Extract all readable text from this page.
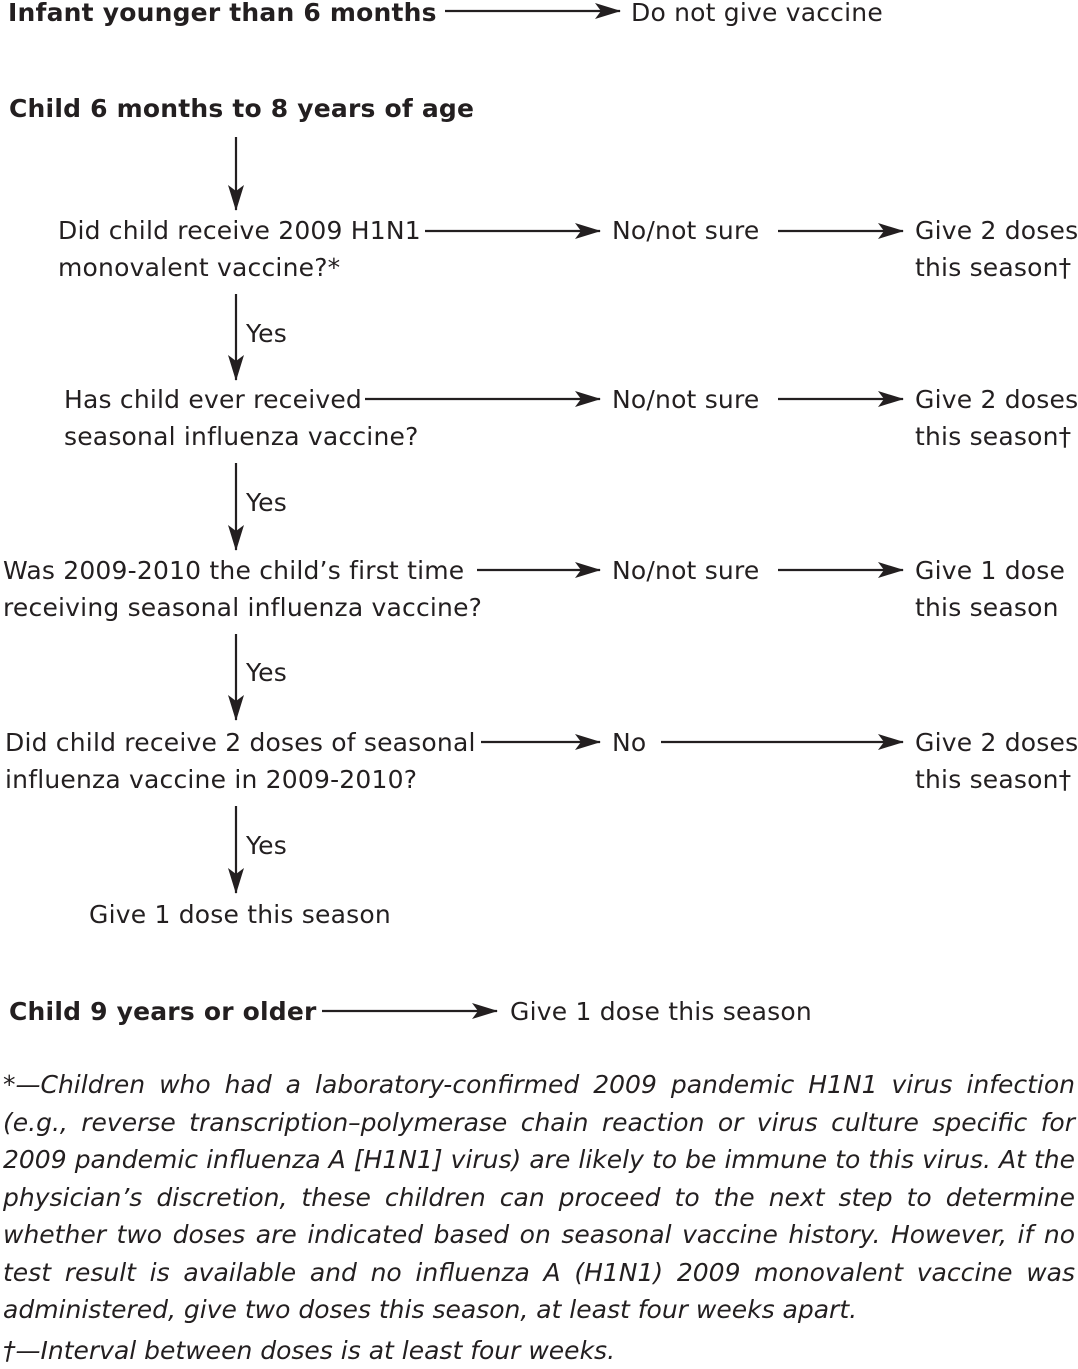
Infant younger than 6 months	Do not give vaccine
Child 6 months to 8 years of age
Did child receive 2009 H1N1
monovalent vaccine?*
No/not sure	Give 2 doses
this season†
Yes
Has child ever received
seasonal influenza vaccine?
No/not sure	Give 2 doses
this season†
Yes
Was 2009-2010 the child’s first time
receiving seasonal influenza vaccine?
No/not sure	Give 1 dose
this season
Yes
Did child receive 2 doses of seasonal
influenza vaccine in 2009-2010?
No	Give 2 doses
this season†
Yes
Give 1 dose this season
Child 9 years or older	Give 1 dose this season

*—Children who had a laboratory-confirmed 2009 pandemic H1N1 virus infection (e.g., reverse transcription–polymerase chain reaction or virus culture specific for 2009 pandemic influenza A [H1N1] virus) are likely to be immune to this virus. At the physician’s discretion, these children can proceed to the next step to determine whether two doses are indicated based on seasonal vaccine history. However, if no test result is available and no influenza A (H1N1) 2009 monovalent vaccine was administered, give two doses this season, at least four weeks apart.

†—Interval between doses is at least four weeks.
